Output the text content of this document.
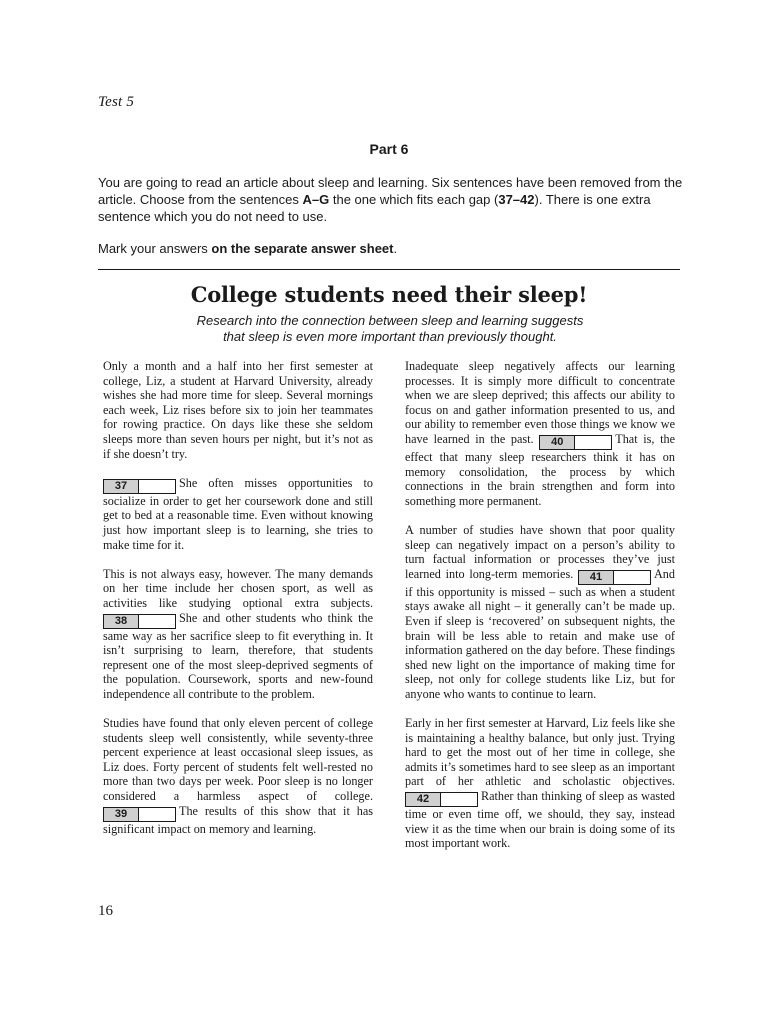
Test 5
Part 6

You are going to read an article about sleep and learning. Six sentences have been removed from the article. Choose from the sentences A–G the one which fits each gap (37–42). There is one extra sentence which you do not need to use.

Mark your answers on the separate answer sheet.

College students need their sleep!
Research into the connection between sleep and learning suggests
that sleep is even more important than previously thought.

Only a month and a half into her first semester at college, Liz, a student at Harvard University, already wishes she had more time for sleep. Several mornings each week, Liz rises before six to join her teammates for rowing practice. On days like these she seldom sleeps more than seven hours per night, but it’s not as if she doesn’t try.

37	She often misses opportunities to socialize in order to get her coursework done and still get to bed at a reasonable time. Even without knowing just how important sleep is to learning, she tries to make time for it.

This is not always easy, however. The many demands on her time include her chosen sport, as well as activities like studying optional extra subjects.
38	She and other students who think the same way as her sacrifice sleep to fit everything in. It isn’t surprising to learn, therefore, that students represent one of the most sleep-deprived segments of the population. Coursework, sports and new-found independence all contribute to the problem.

Studies have found that only eleven percent of college students sleep well consistently, while seventy-three percent experience at least occasional sleep issues, as Liz does. Forty percent of students felt well-rested no more than two days per week. Poor sleep is no longer considered a harmless aspect of college.
39	The results of this show that it has significant impact on memory and learning.

Inadequate sleep negatively affects our learning processes. It is simply more difficult to concentrate when we are sleep deprived; this affects our ability to focus on and gather information presented to us, and our ability to remember even those things we know we have learned in the past.	40	That is, the effect that many sleep researchers think it has on memory consolidation, the process by which connections in the brain strengthen and form into something more permanent.

A number of studies have shown that poor quality sleep can negatively impact on a person’s ability to turn factual information or processes they’ve just learned into long-term memories.	41	And if this opportunity is missed – such as when a student stays awake all night – it generally can’t be made up. Even if sleep is ‘recovered’ on subsequent nights, the brain will be less able to retain and make use of information gathered on the day before. These findings shed new light on the importance of making time for sleep, not only for college students like Liz, but for anyone who wants to continue to learn.

Early in her first semester at Harvard, Liz feels like she is maintaining a healthy balance, but only just. Trying hard to get the most out of her time in college, she admits it’s sometimes hard to see sleep as an important part of her athletic and scholastic objectives.
42	Rather than thinking of sleep as wasted time or even time off, we should, they say, instead view it as the time when our brain is doing some of its most important work.

16
